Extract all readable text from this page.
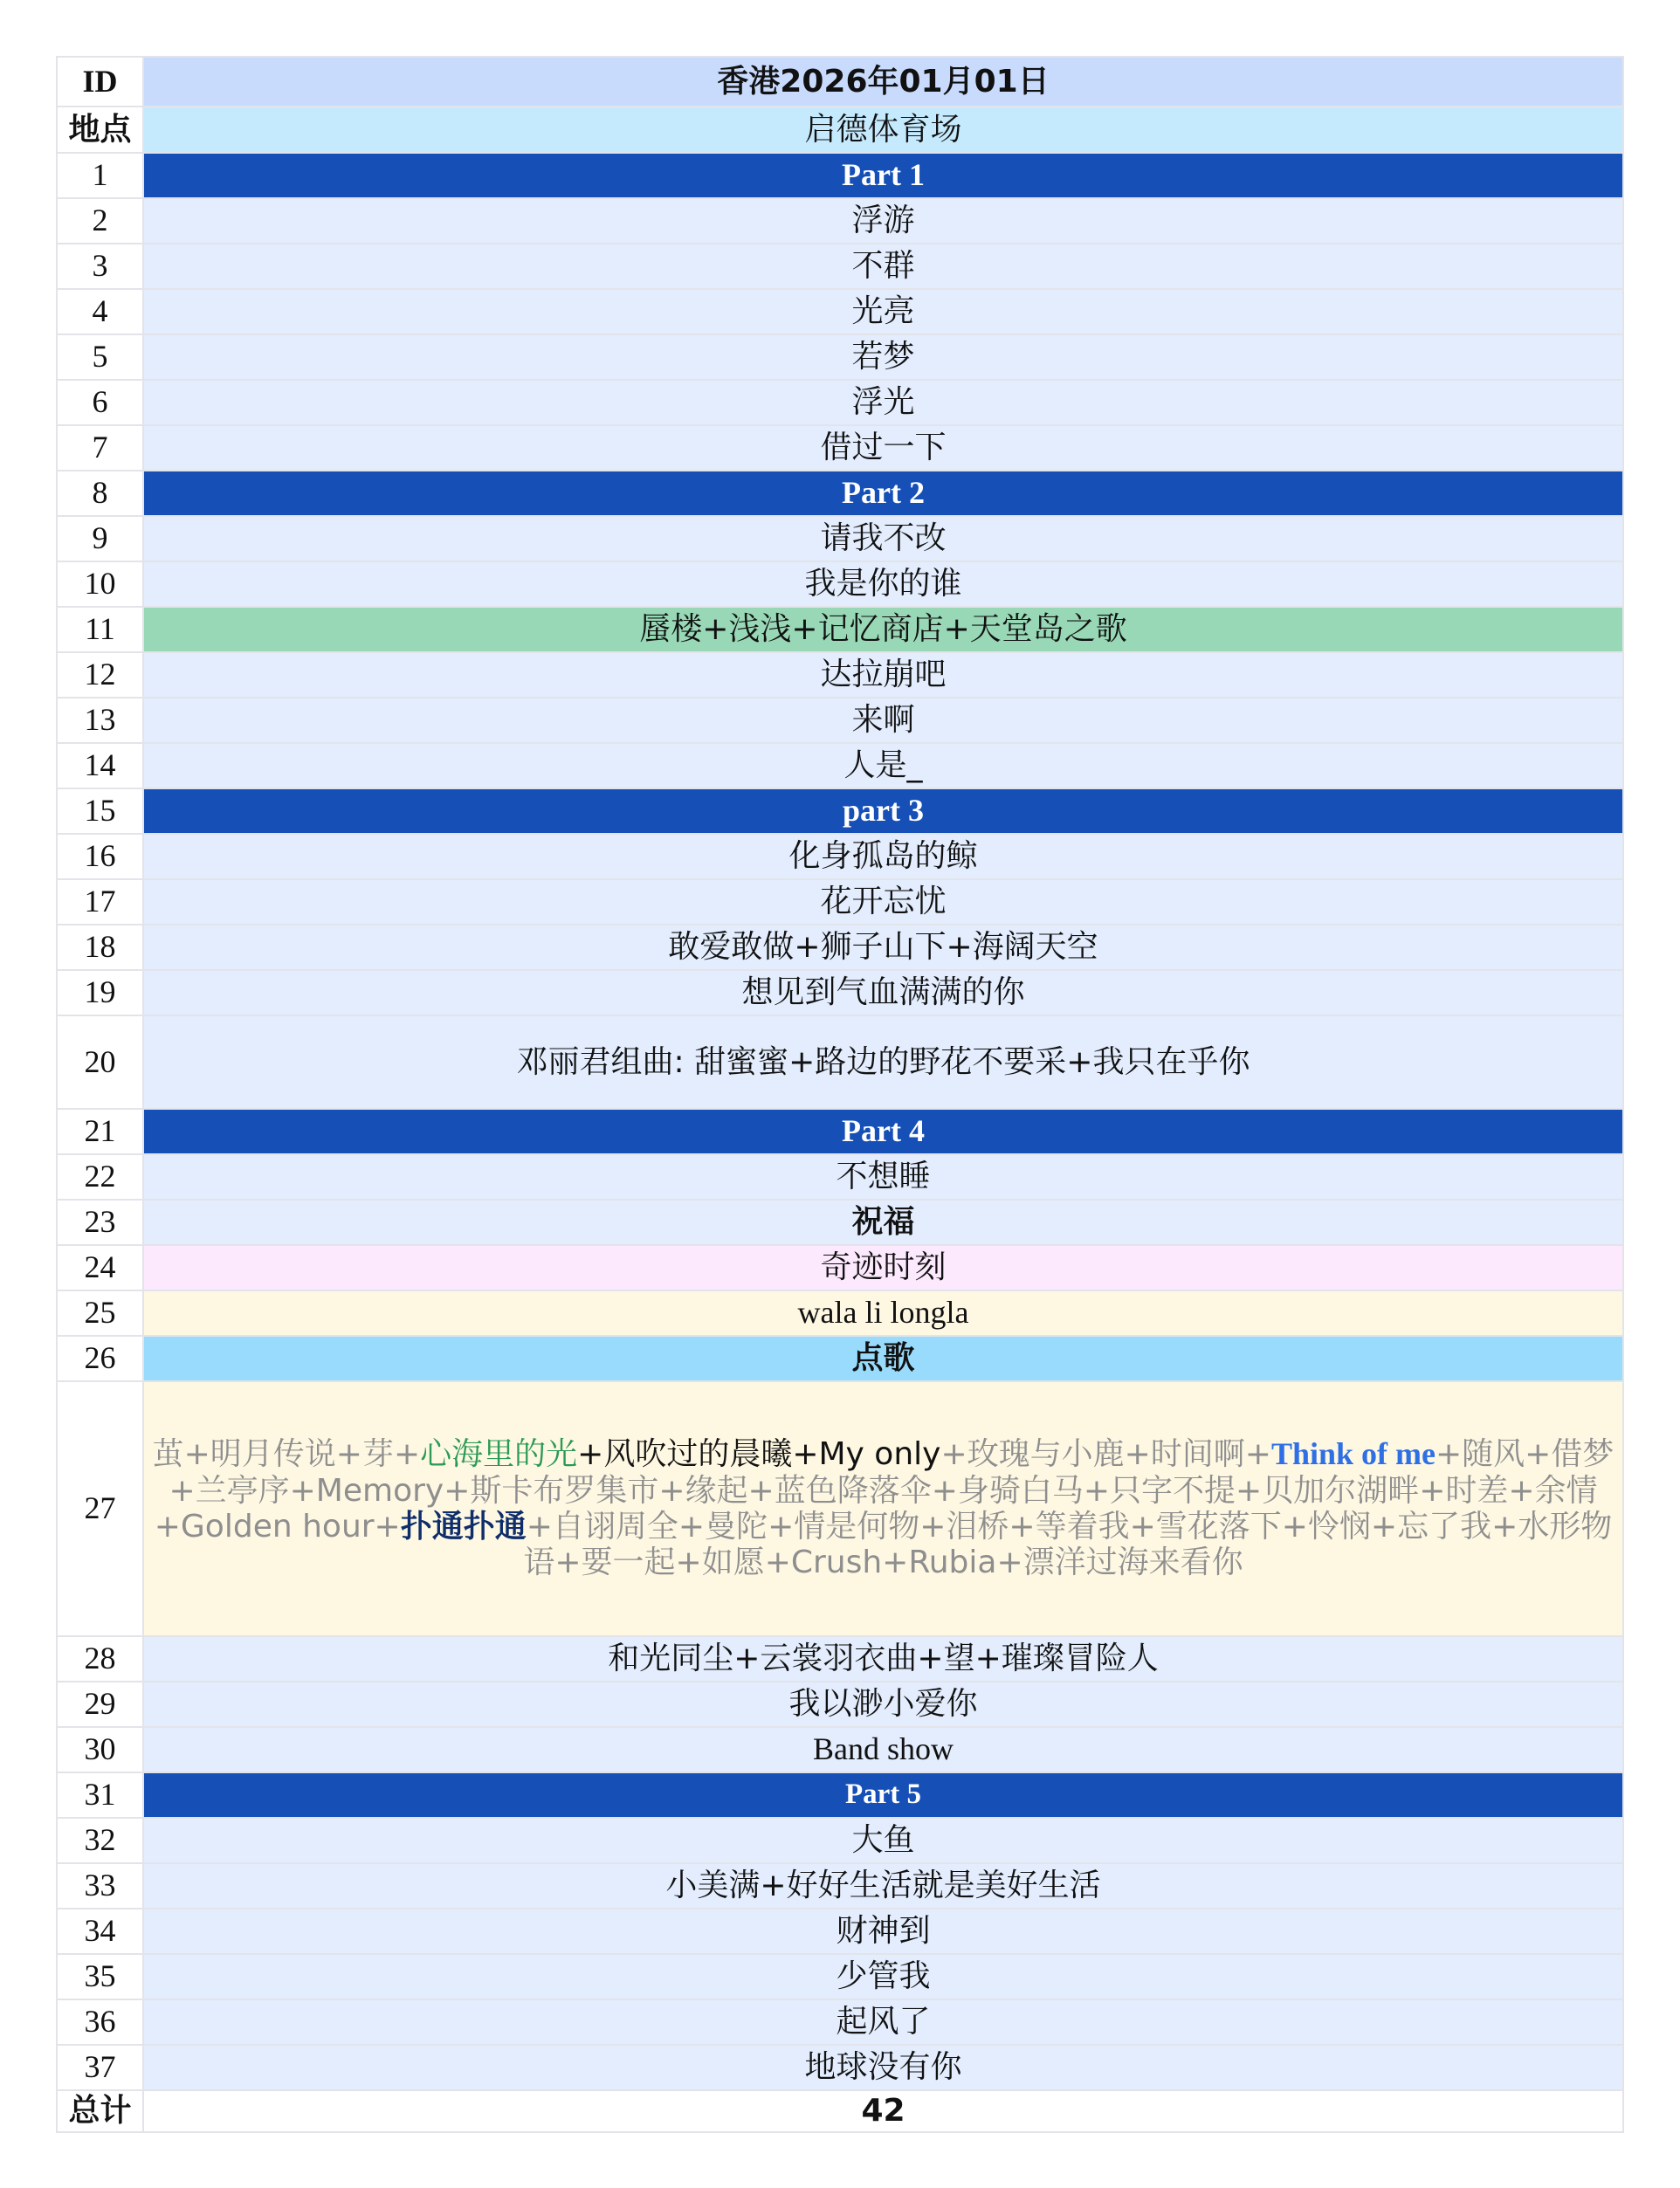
ID	香港2026年01月01日
地点	启德体育场
1	Part 1
2	浮游
3	不群
4	光亮
5	若梦
6	浮光
7	借过一下
8	Part 2
9	请我不改
10	我是你的谁
11	蜃楼+浅浅+记忆商店+天堂岛之歌
12	达拉崩吧
13	来啊
14	人是_
15	part 3
16	化身孤岛的鲸
17	花开忘忧
18	敢爱敢做+狮子山下+海阔天空
19	想见到气血满满的你
20	邓丽君组曲: 甜蜜蜜+路边的野花不要采+我只在乎你
21	Part 4
22	不想睡
23	祝福
24	奇迹时刻
25	wala li longla
26	点歌
27	茧+明月传说+芽+心海里的光+风吹过的晨曦+My only+玫瑰与小鹿+时间啊+Think of me+随风+借梦+兰亭序+Memory+斯卡布罗集市+缘起+蓝色降落伞+身骑白马+只字不提+贝加尔湖畔+时差+余情+Golden hour+扑通扑通+自诩周全+曼陀+情是何物+泪桥+等着我+雪花落下+怜悯+忘了我+水形物语+要一起+如愿+Crush+Rubia+漂洋过海来看你
28	和光同尘+云裳羽衣曲+望+璀璨冒险人
29	我以渺小爱你
30	Band show
31	Part 5
32	大鱼
33	小美满+好好生活就是美好生活
34	财神到
35	少管我
36	起风了
37	地球没有你
总计	42
